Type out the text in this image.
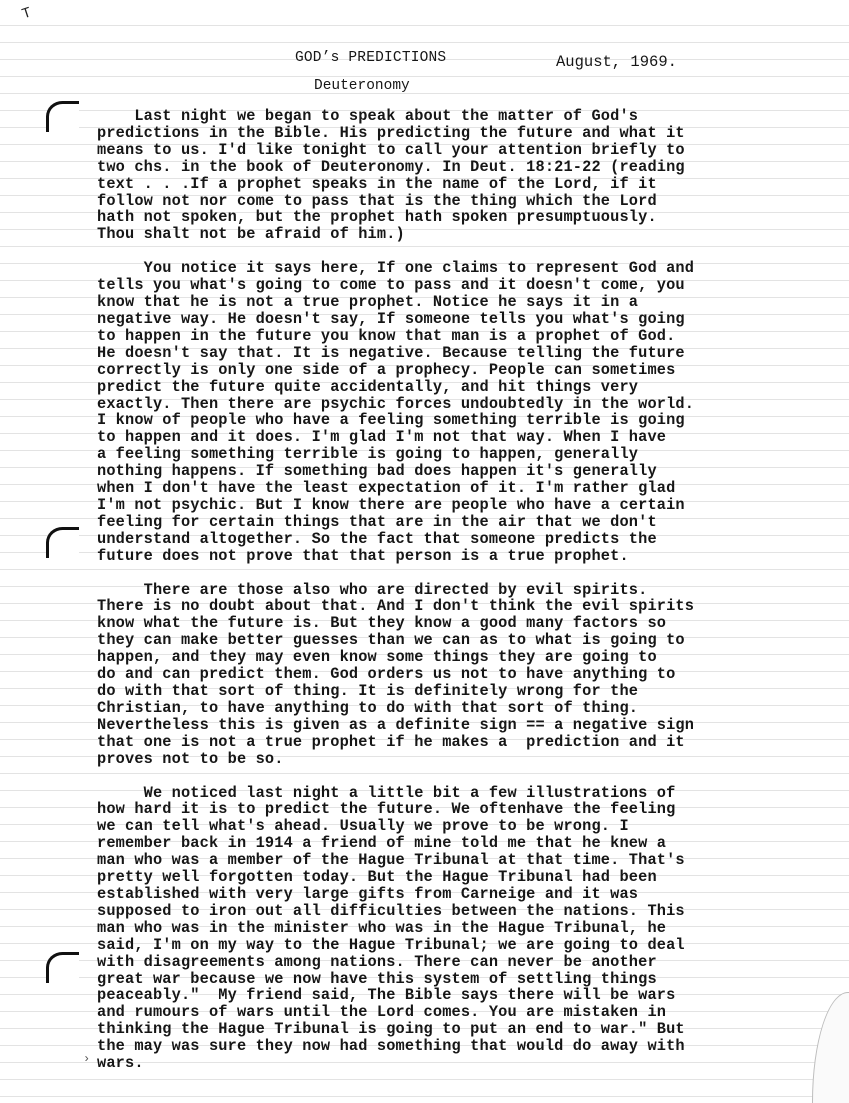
ᵀ
GOD’s PREDICTIONS	August, 1969.
Deuteronomy
Last night we began to speak about the matter of God's
predictions in the Bible. His predicting the future and what it
means to us. I'd like tonight to call your attention briefly to
two chs. in the book of Deuteronomy. In Deut. 18:21-22 (reading
text . . .If a prophet speaks in the name of the Lord, if it
follow not nor come to pass that is the thing which the Lord
hath not spoken, but the prophet hath spoken presumptuously.
Thou shalt not be afraid of him.)
You notice it says here, If one claims to represent God and
tells you what's going to come to pass and it doesn't come, you
know that he is not a true prophet. Notice he says it in a
negative way. He doesn't say, If someone tells you what's going
to happen in the future you know that man is a prophet of God.
He doesn't say that. It is negative. Because telling the future
correctly is only one side of a prophecy. People can sometimes
predict the future quite accidentally, and hit things very
exactly. Then there are psychic forces undoubtedly in the world.
I know of people who have a feeling something terrible is going
to happen and it does. I'm glad I'm not that way. When I have
a feeling something terrible is going to happen, generally
nothing happens. If something bad does happen it's generally
when I don't have the least expectation of it. I'm rather glad
I'm not psychic. But I know there are people who have a certain
feeling for certain things that are in the air that we don't
understand altogether. So the fact that someone predicts the
future does not prove that that person is a true prophet.
There are those also who are directed by evil spirits.
There is no doubt about that. And I don't think the evil spirits
know what the future is. But they know a good many factors so
they can make better guesses than we can as to what is going to
happen, and they may even know some things they are going to
do and can predict them. God orders us not to have anything to
do with that sort of thing. It is definitely wrong for the
Christian, to have anything to do with that sort of thing.
Nevertheless this is given as a definite sign == a negative sign
that one is not a true prophet if he makes a  prediction and it
proves not to be so.
We noticed last night a little bit a few illustrations of
how hard it is to predict the future. We oftenhave the feeling
we can tell what's ahead. Usually we prove to be wrong. I
remember back in 1914 a friend of mine told me that he knew a
man who was a member of the Hague Tribunal at that time. That's
pretty well forgotten today. But the Hague Tribunal had been
established with very large gifts from Carneige and it was
supposed to iron out all difficulties between the nations. This
man who was in the minister who was in the Hague Tribunal, he
said, I'm on my way to the Hague Tribunal; we are going to deal
with disagreements among nations. There can never be another
great war because we now have this system of settling things
peaceably."  My friend said, The Bible says there will be wars
and rumours of wars until the Lord comes. You are mistaken in
thinking the Hague Tribunal is going to put an end to war." But
the may was sure they now had something that would do away with
wars.
›
